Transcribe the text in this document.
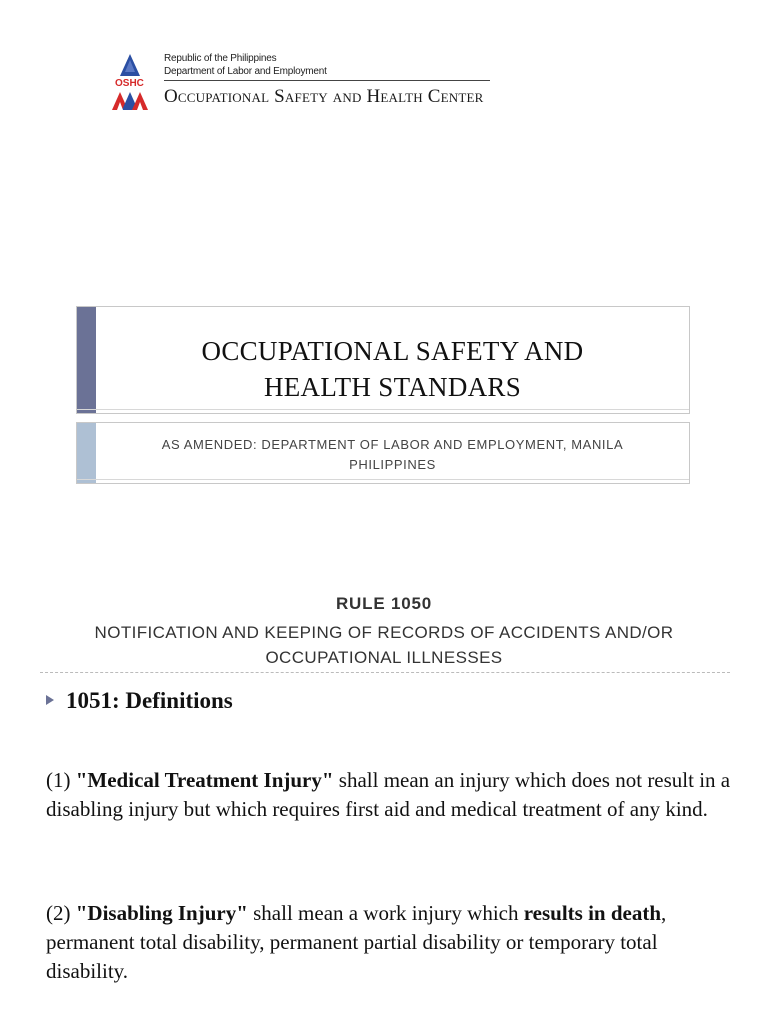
OSHC
Republic of the Philippines
Department of Labor and Employment
Occupational Safety and Health Center
OCCUPATIONAL SAFETY AND
HEALTH STANDARS
AS AMENDED: DEPARTMENT OF LABOR AND EMPLOYMENT, MANILA PHILIPPINES
RULE 1050
NOTIFICATION AND KEEPING OF RECORDS OF ACCIDENTS AND/OR OCCUPATIONAL ILLNESSES
1051: Definitions
(1) "Medical Treatment Injury" shall mean an injury which does not result in a disabling injury but which requires first aid and medical treatment of any kind.
(2) "Disabling Injury" shall mean a work injury which results in death, permanent total disability, permanent partial disability or temporary total disability.
